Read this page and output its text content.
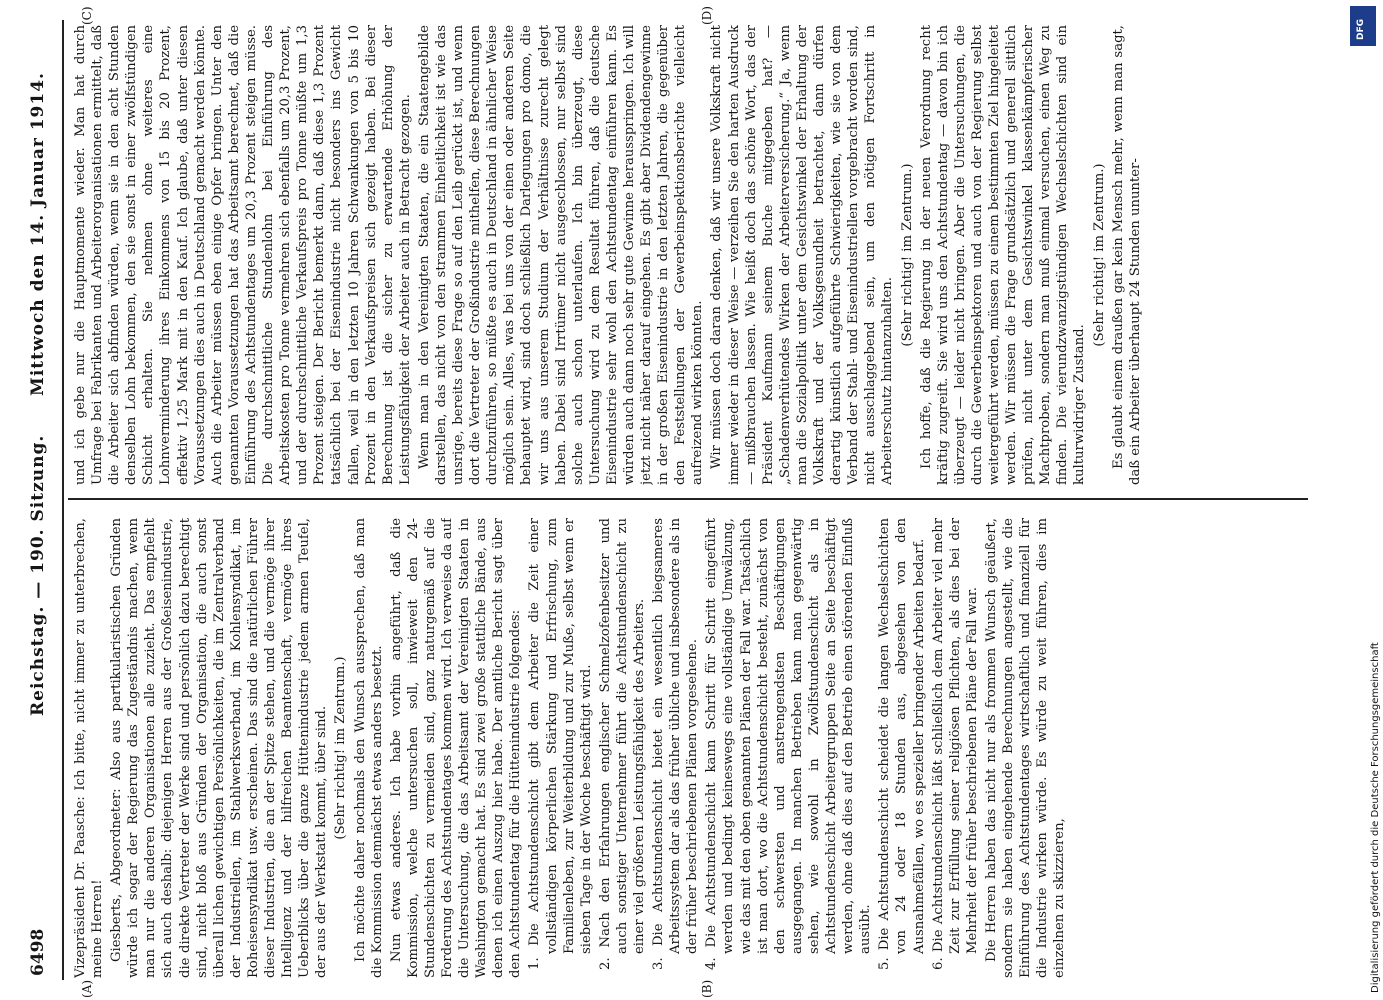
6498
Reichstag. — 190. Sitzung.
Mittwoch den 14. Januar 1914.
(A)	(B)
(C)	(D)

Vizepräsident Dr. Paasche: Ich bitte, nicht immer zu unterbrechen, meine Herren! Giesberts, Abgeordneter: Also aus partikularistischen Gründen würde ich sogar der Regierung das Zugeständnis machen, wenn man nur die anderen Organisationen alle zuzieht. Das empfiehlt sich auch deshalb: diejenigen Herren aus der Großeisenindustrie, die direkte Vertreter der Werke sind und persönlich dazu berechtigt sind, nicht bloß aus Gründen der Organisation, die auch sonst überall lichen gewichtigen Persönlichkeiten, die im Zentralverband der Industriellen, im Stahlwerksverband, im Kohlensyndikat, im Roheisensyndikat usw. erscheinen. Das sind die natürlichen Führer dieser Industrien, die an der Spitze stehen, und die vermöge ihrer Intelligenz und der hilfreichen Beamtenschaft, vermöge ihres Ueberblicks über die ganze Hüttenindustrie jedem armen Teufel, der aus der Werkstatt kommt, über sind. (Sehr richtig! im Zentrum.) Ich möchte daher nochmals den Wunsch aussprechen, daß man die Kommission demnächst etwas anders besetzt. Nun etwas anderes. Ich habe vorhin angeführt, daß die Kommission, welche untersuchen soll, inwieweit den 24-Stundenschichten zu vermeiden sind, ganz naturgemäß auf die Forderung des Achtstundentages kommen wird. Ich verweise da auf die Untersuchung, die das Arbeitsamt der Vereinigten Staaten in Washington gemacht hat. Es sind zwei große stattliche Bände, aus denen ich einen Auszug hier habe. Der amtliche Bericht sagt über den Achtstundentag für die Hüttenindustrie folgendes: 1. Die Achtstundenschicht gibt dem Arbeiter die Zeit einer vollständigen körperlichen Stärkung und Erfrischung, zum Familienleben, zur Weiterbildung und zur Muße, selbst wenn er sieben Tage in der Woche beschäftigt wird. 2. Nach den Erfahrungen englischer Schmelzofenbesitzer und auch sonstiger Unternehmer führt die Achtstundenschicht zu einer viel größeren Leistungsfähigkeit des Arbeiters. 3. Die Achtstundenschicht bietet ein wesentlich biegsameres Arbeitssystem dar als das früher übliche und insbesondere als in der früher beschriebenen Plänen vorgesehene. 4. Die Achtstundenschicht kann Schritt für Schritt eingeführt werden und bedingt keineswegs eine vollständige Umwälzung, wie das mit den oben genannten Plänen der Fall war. Tatsächlich ist man dort, wo die Achtstundenschicht besteht, zunächst von den schwersten und anstrengendsten Beschäftigungen ausgegangen. In manchen Betrieben kann man gegenwärtig sehen, wie sowohl in Zwölfstundenschicht als in Achtstundenschicht Arbeitergruppen Seite an Seite beschäftigt werden, ohne daß dies auf den Betrieb einen störenden Einfluß ausübt. 5. Die Achtstundenschicht scheidet die langen Wechselschichten von 24 oder 18 Stunden aus, abgesehen von den Ausnahmefällen, wo es spezieller bringender Arbeiten bedarf. 6. Die Achtstundenschicht läßt schließlich dem Arbeiter viel mehr Zeit zur Erfüllung seiner religiösen Pflichten, als dies bei der Mehrheit der früher beschriebenen Pläne der Fall war. Die Herren haben das nicht nur als frommen Wunsch geäußert, sondern sie haben eingehende Berechnungen angestellt, wie die Einführung des Achtstundentages wirtschaftlich und finanziell für die Industrie wirken würde. Es würde zu weit führen, dies im einzelnen zu skizzieren,

und ich gebe nur die Hauptmomente wieder. Man hat durch Umfrage bei Fabrikanten und Arbeiterorganisationen ermittelt, daß die Arbeiter sich abfinden würden, wenn sie in den acht Stunden denselben Lohn bekommen, den sie sonst in einer zwölfstündigen Schicht erhalten. Sie nehmen ohne weiteres eine Lohnverminderung ihres Einkommens von 15 bis 20 Prozent, effektiv 1,25 Mark mit in den Kauf. Ich glaube, daß unter diesen Voraussetzungen dies auch in Deutschland gemacht werden könnte. Auch die Arbeiter müssen eben einige Opfer bringen. Unter den genannten Voraussetzungen hat das Arbeitsamt berechnet, daß die Einführung des Achtstundentages um 20,3 Prozent steigen müsse. Die durchschnittliche Stundenlohn bei Einführung des Arbeitskosten pro Tonne vermehren sich ebenfalls um 20,3 Prozent, und der durchschnittliche Verkaufspreis pro Tonne müßte um 1,3 Prozent steigen. Der Bericht bemerkt dann, daß diese 1,3 Prozent tatsächlich bei der Eisenindustrie nicht besonders ins Gewicht fallen, weil in den letzten 10 Jahren Schwankungen von 5 bis 10 Prozent in den Verkaufspreisen sich gezeigt haben. Bei dieser Berechnung ist die sicher zu erwartende Erhöhung der Leistungsfähigkeit der Arbeiter auch in Betracht gezogen. Wenn man in den Vereinigten Staaten, die ein Staatengebilde darstellen, das nicht von den strammen Einheitlichkeit ist wie das unsrige, bereits diese Frage so auf den Leib gerückt ist, und wenn dort die Vertreter der Großindustrie mithelfen, diese Berechnungen durchzuführen, so müßte es auch in Deutschland in ähnlicher Weise möglich sein. Alles, was bei uns von der einen oder anderen Seite behauptet wird, sind doch schließlich Darlegungen pro domo, die wir uns aus unserem Studium der Verhältnisse zurecht gelegt haben. Dabei sind Irrtümer nicht ausgeschlossen, nur selbst sind solche auch schon unterlaufen. Ich bin überzeugt, diese Untersuchung wird zu dem Resultat führen, daß die deutsche Eisenindustrie sehr wohl den Achtstundentag einführen kann. Es würden auch dann noch sehr gute Gewinne herausspringen. Ich will jetzt nicht näher darauf eingehen. Es gibt aber Dividendengewinne in der großen Eisenindustrie in den letzten Jahren, die gegenüber den Feststellungen der Gewerbeinspektionsberichte vielleicht aufreizend wirken könnten. Wir müssen doch daran denken, daß wir unsere Volkskraft nicht immer wieder in dieser Weise — verzeihen Sie den harten Ausdruck — mißbrauchen lassen. Wie heißt doch das schöne Wort, das der Präsident Kaufmann seinem Buche mitgegeben hat? — „Schadenverhütendes Wirken der Arbeiterversicherung.“ Ja, wenn man die Sozialpolitik unter dem Gesichtswinkel der Erhaltung der Volkskraft und der Volksgesundheit betrachtet, dann dürfen derartig künstlich aufgeführte Schwierigkeiten, wie sie von dem Verband der Stahl- und Eisenindustriellen vorgebracht worden sind, nicht ausschlaggebend sein, um den nötigen Fortschritt in Arbeiterschutz hintanzuhalten.

(Sehr richtig! im Zentrum.) Ich hoffe, daß die Regierung in der neuen Verordnung recht kräftig zugreift. Sie wird uns den Achtstundentag — davon bin ich überzeugt — leider nicht bringen. Aber die Untersuchungen, die durch die Gewerbeinspektoren und auch von der Regierung selbst weitergeführt werden, müssen zu einem bestimmten Ziel hingeleitet werden. Wir müssen die Frage grundsätzlich und generell sittlich prüfen, nicht unter dem Gesichtswinkel klassenkämpferischer Machtproben, sondern man muß einmal versuchen, einen Weg zu finden. Die vierundzwanzigstündigen Wechselschichten sind ein kulturwidriger Zustand.

(Sehr richtig! im Zentrum.) Es glaubt einem draußen gar kein Mensch mehr, wenn man sagt, daß ein Arbeiter überhaupt 24 Stunden ununter-

Digitalisierung gefördert durch die Deutsche Forschungsgemeinschaft
DFG
